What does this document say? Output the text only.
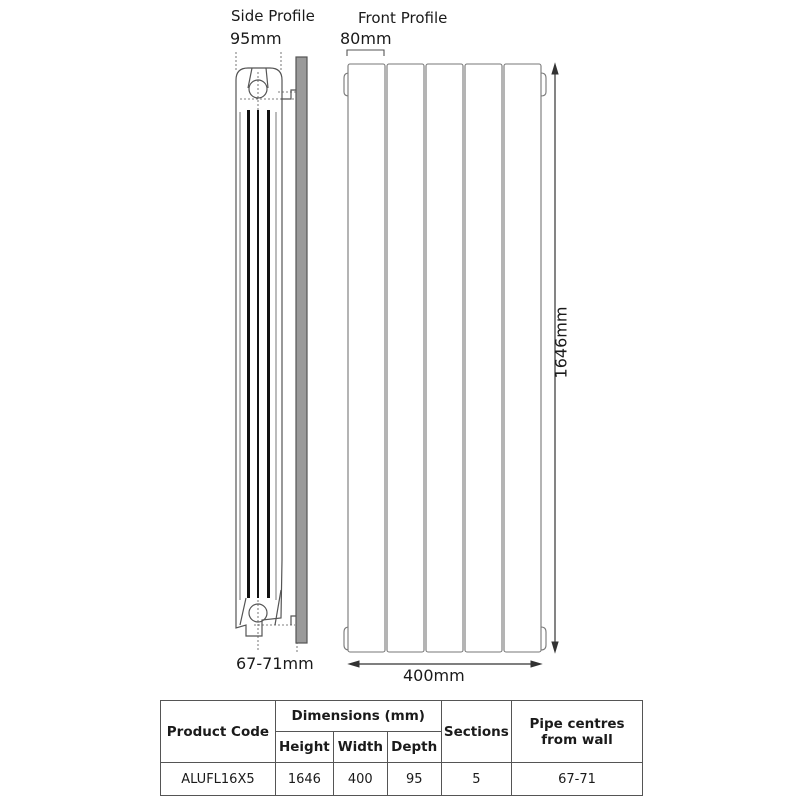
Side Profile	Front Profile
95mm	80mm
1646mm
67-71mm
400mm
Product Code	Dimensions (mm)			Sections	Pipe centres from wall
	Height	Width	Depth		
ALUFL16X5	1646	400	95	5	67-71
